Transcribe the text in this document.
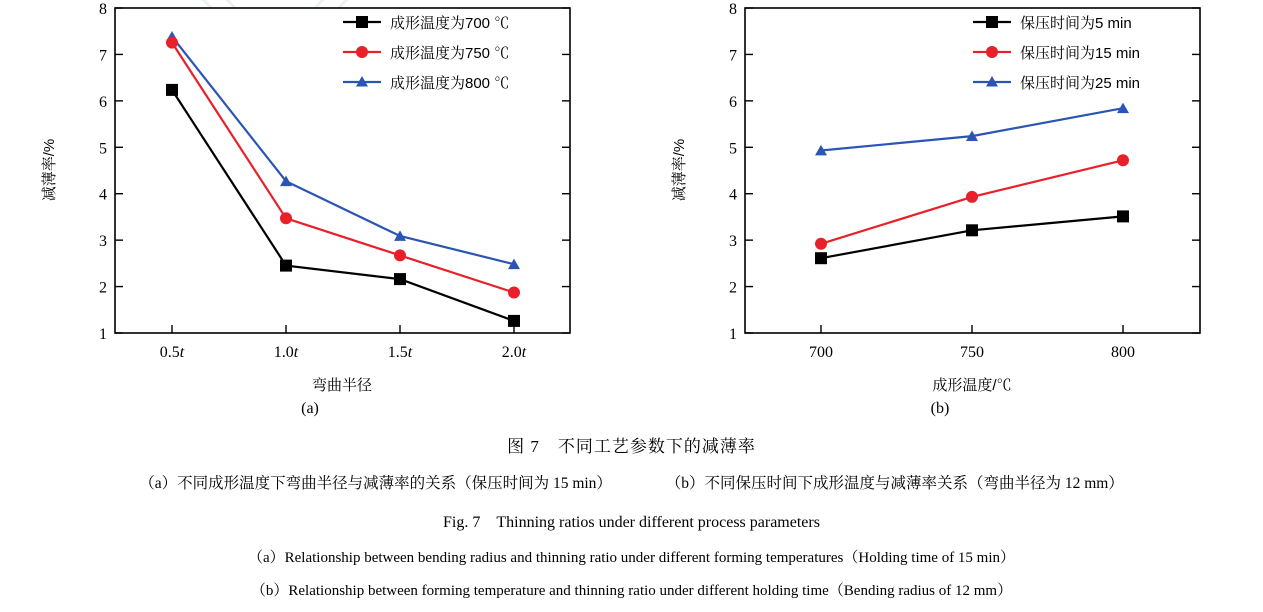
1
2
3
4
5
6
7
8
0.5t	1.0t	1.5t	2.0t
减薄率/%
弯曲半径
成形温度为700 ℃
成形温度为750 ℃
成形温度为800 ℃
(a)
1
2
3
4
5
6
7
8
700	750	800
减薄率/%
成形温度/℃
保压时间为5 min
保压时间为15 min
保压时间为25 min
(b)
图 7　不同工艺参数下的减薄率
（a）不同成形温度下弯曲半径与减薄率的关系（保压时间为 15 min）	（b）不同保压时间下成形温度与减薄率关系（弯曲半径为 12 mm）
Fig. 7　Thinning ratios under different process parameters
（a）Relationship between bending radius and thinning ratio under different forming temperatures（Holding time of 15 min）
（b）Relationship between forming temperature and thinning ratio under different holding time（Bending radius of 12 mm）
